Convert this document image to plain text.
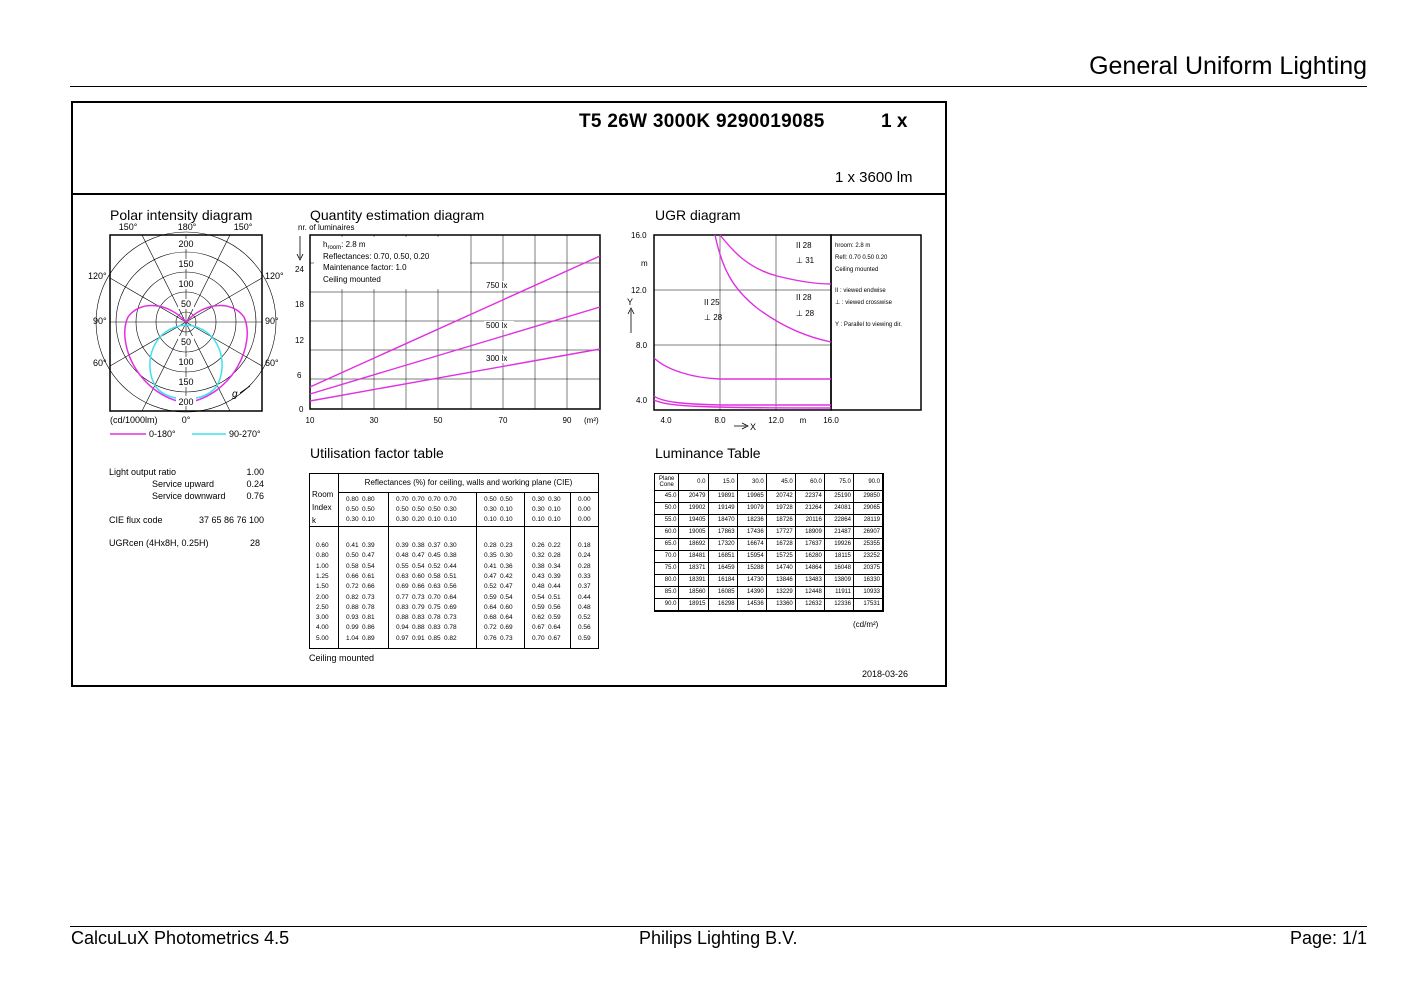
General Uniform Lighting
T5 26W 3000K 9290019085	1 x
1 x 3600 lm
Polar intensity diagram	Quantity estimation diagram	UGR diagram
Utilisation factor table	Luminance Table
150°	180°	150°
120°	120°
90°	90°
60°	60°
200
150
100
50
50
100
150
200
g
(cd/1000lm)	0°
0-180°	90-270°
Light output ratio	1.00
Service upward	0.24
Service downward 0.76
CIE flux code	37 65 86 76 100
UGRcen (4Hx8H, 0.25H)	28
nr. of luminaires
$h_{room}$: 2.8 m
Reflectances: 0.70, 0.50, 0.20
Maintenance factor: 1.0
Ceiling mounted
750 lx
500 lx
300 lx
24
18
12
6
0
10	30	50	70	90 (m²)
16.0
12.0
8.0
4.0
m
Y
4.0	8.0	12.0 m 16.0
X
II 25
⊥ 28
II 28
⊥ 31
II 28
⊥ 28
hroom: 2.8 m
Refl: 0.70 0.50 0.20
Ceiling mounted
II : viewed endwise
⊥ : viewed crosswise
Y : Parallel to viewing dir.
Reflectances (%) for ceiling, walls and working plane (CIE)
Room
Index
k
0.80 0.80	0.70 0.70 0.70 0.70	0.50 0.50	0.30 0.30	0.00
0.50 0.50	0.50 0.50 0.50 0.30	0.30 0.10	0.30 0.10	0.00
0.30 0.10	0.30 0.20 0.10 0.10	0.10 0.10	0.10 0.10	0.00
0.60	0.41 0.39	0.39 0.38 0.37 0.30	0.28 0.23	0.26 0.22	0.18
0.80	0.50 0.47	0.48 0.47 0.45 0.38	0.35 0.30	0.32 0.28	0.24
1.00	0.58 0.54	0.55 0.54 0.52 0.44	0.41 0.36	0.38 0.34	0.28
1.25	0.66 0.61	0.63 0.60 0.58 0.51	0.47 0.42	0.43 0.39	0.33
1.50	0.72 0.66	0.69 0.66 0.63 0.56	0.52 0.47	0.48 0.44	0.37
2.00	0.82 0.73	0.77 0.73 0.70 0.64	0.59 0.54	0.54 0.51	0.44
2.50	0.88 0.78	0.83 0.79 0.75 0.69	0.64 0.60	0.59 0.56	0.48
3.00	0.93 0.81	0.88 0.83 0.78 0.73	0.68 0.64	0.62 0.59	0.52
4.00	0.99 0.86	0.94 0.88 0.83 0.78	0.72 0.69	0.67 0.64	0.56
5.00	1.04 0.89	0.97 0.91 0.85 0.82	0.76 0.73	0.70 0.67	0.59
Ceiling mounted
Plane
Cone	0.0	15.0	30.0	45.0	60.0	75.0	90.0
45.0	20479	19891	19965	20742	22374	25190	29850
50.0	19902	19149	19079	19728	21264	24081	29065
55.0	19405	18470	18236	18726	20116	22864	28119
60.0	19005	17863	17436	17727	18909	21487	26907
65.0	18692	17320	16674	16728	17637	19926	25355
70.0	18481	16851	15954	15725	16280	18115	23252
75.0	18371	16459	15288	14740	14864	16048	20375
80.0	18391	16184	14730	13846	13483	13809	16330
85.0	18560	16085	14390	13229	12448	11911	10933
90.0	18915	16298	14536	13360	12632	12336	17531
(cd/m²)
2018-03-26
CalcuLuX Photometrics 4.5	Philips Lighting B.V.	Page: 1/1
